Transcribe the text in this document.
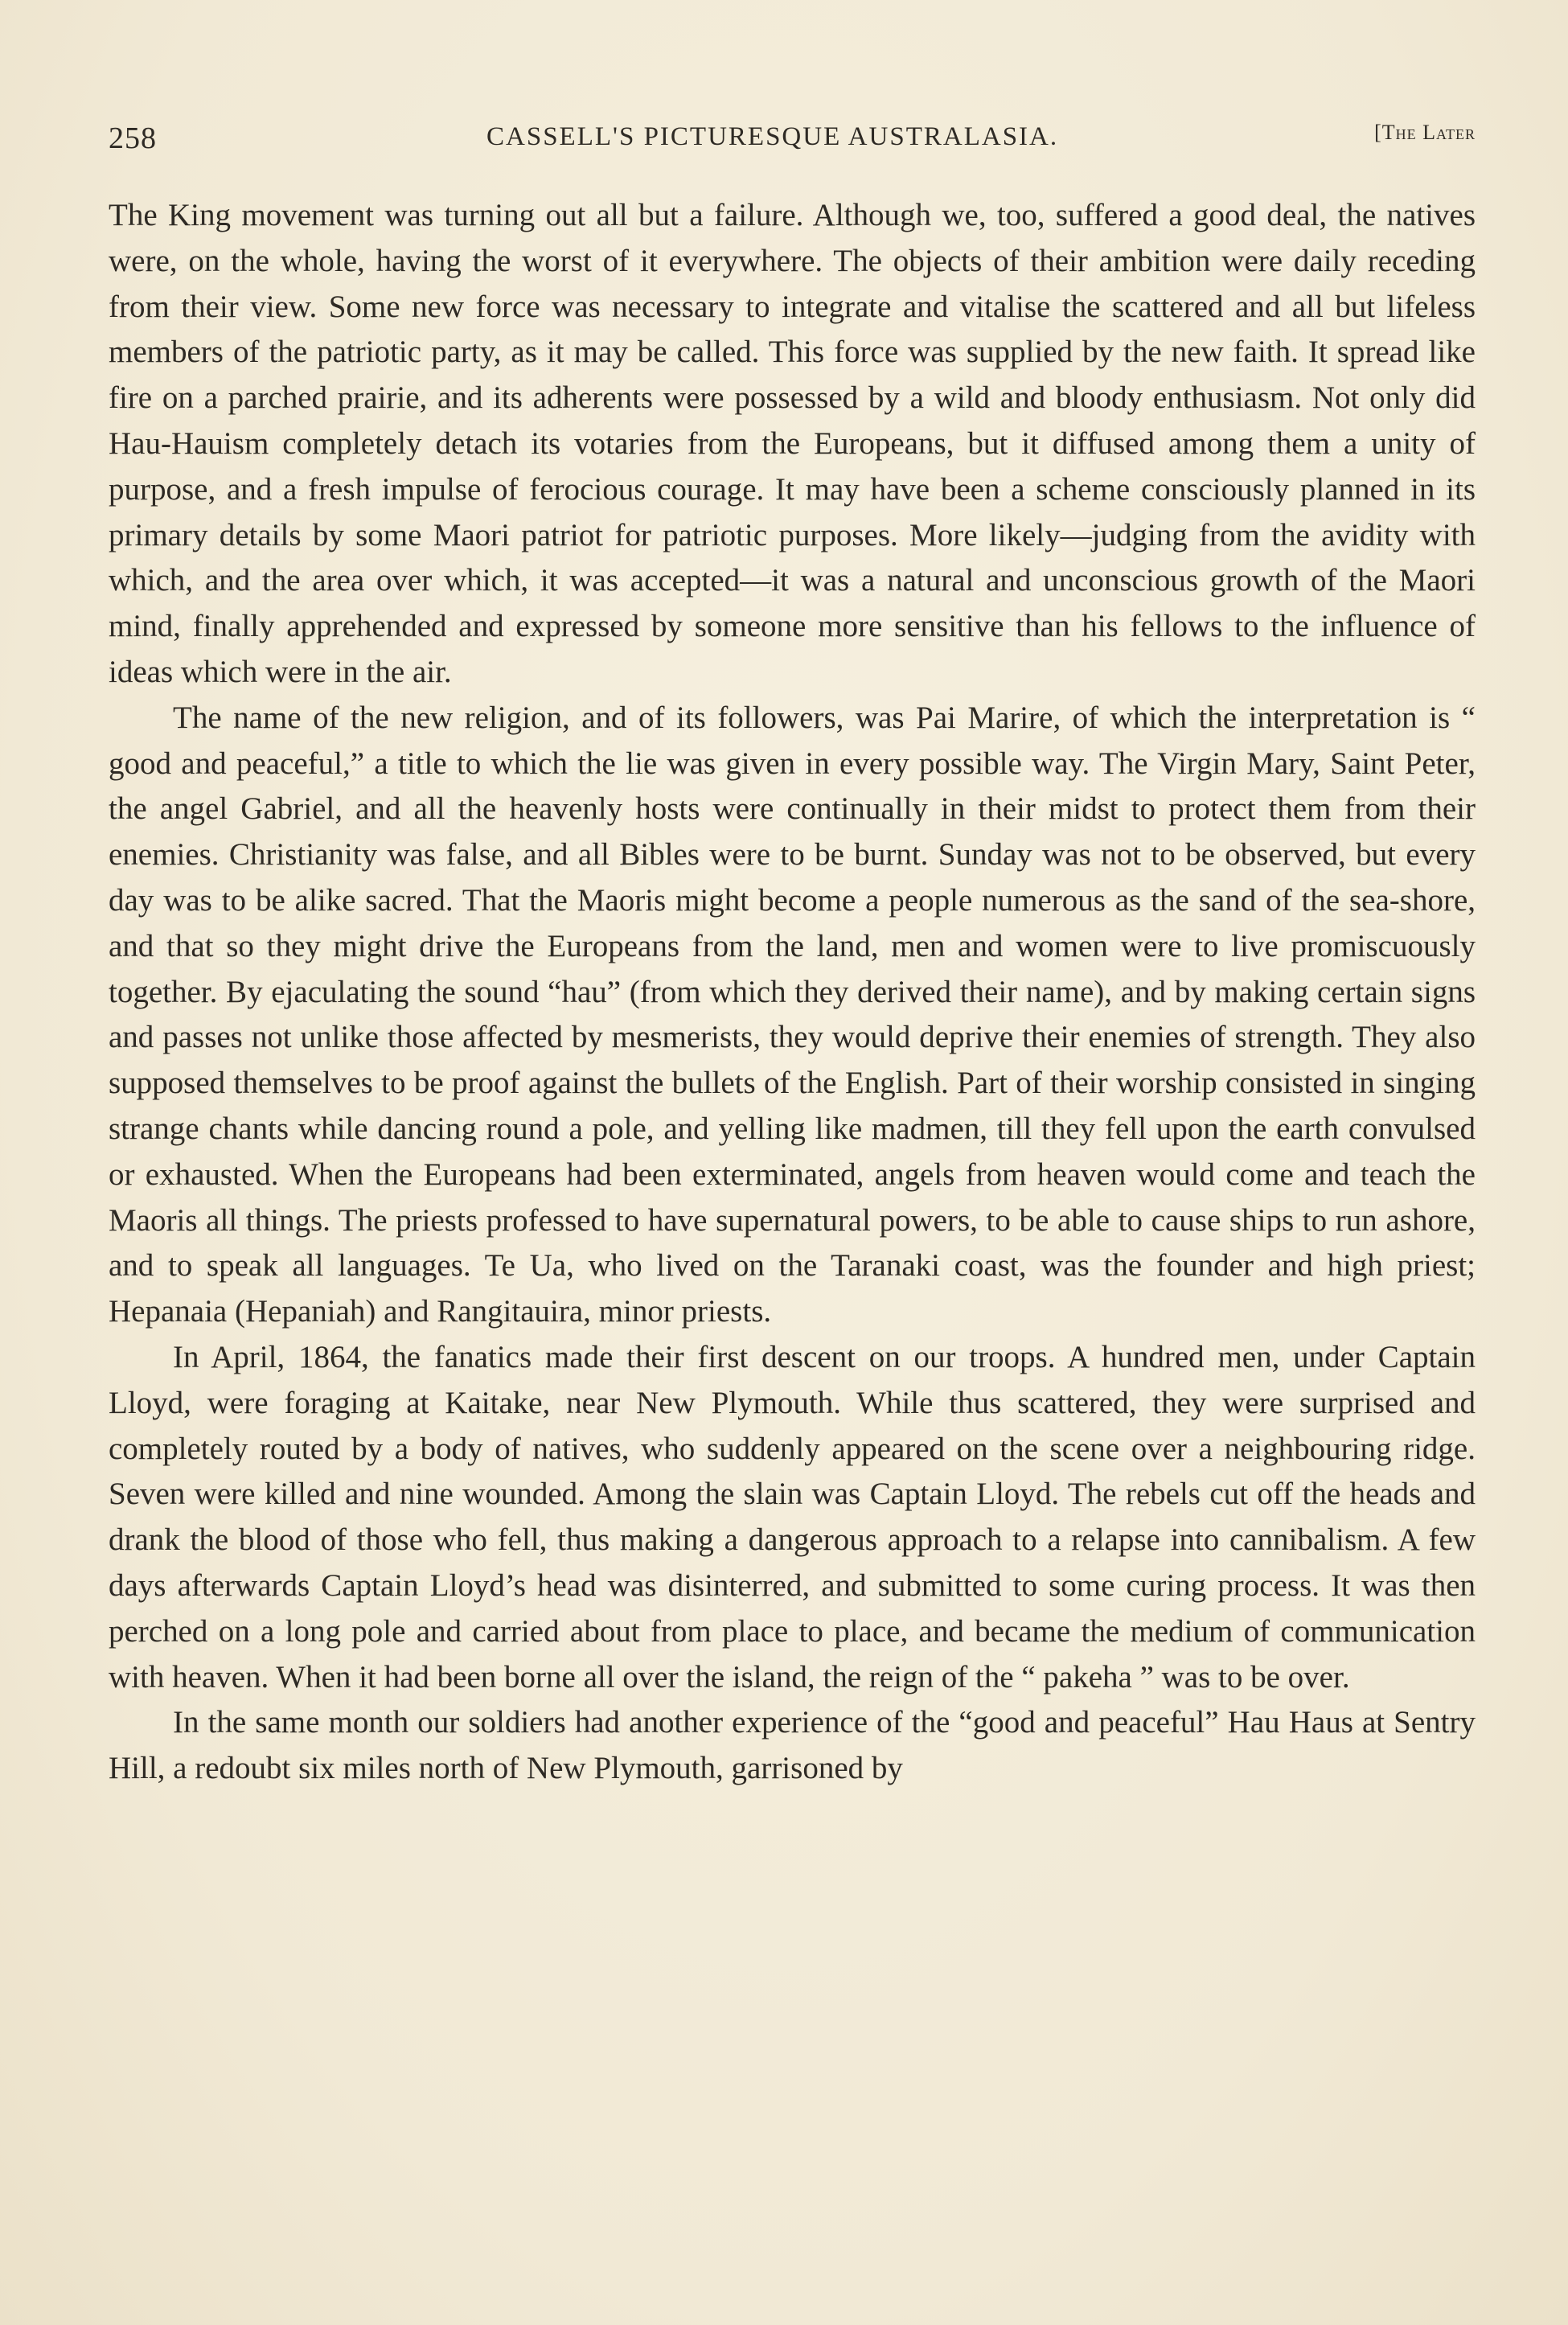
258	CASSELL'S PICTURESQUE AUSTRALASIA.	[The Later

The King movement was turning out all but a failure. Although we, too, suffered a good deal, the natives were, on the whole, having the worst of it everywhere. The objects of their ambition were daily receding from their view. Some new force was necessary to integrate and vitalise the scattered and all but lifeless members of the patriotic party, as it may be called. This force was supplied by the new faith. It spread like fire on a parched prairie, and its adherents were possessed by a wild and bloody enthusiasm. Not only did Hau-Hauism completely detach its votaries from the Europeans, but it diffused among them a unity of purpose, and a fresh impulse of ferocious courage. It may have been a scheme consciously planned in its primary details by some Maori patriot for patriotic purposes. More likely—judging from the avidity with which, and the area over which, it was accepted—it was a natural and unconscious growth of the Maori mind, finally apprehended and expressed by someone more sensitive than his fellows to the influence of ideas which were in the air.

The name of the new religion, and of its followers, was Pai Marire, of which the interpretation is “ good and peaceful,” a title to which the lie was given in every possible way. The Virgin Mary, Saint Peter, the angel Gabriel, and all the heavenly hosts were continually in their midst to protect them from their enemies. Christianity was false, and all Bibles were to be burnt. Sunday was not to be observed, but every day was to be alike sacred. That the Maoris might become a people numerous as the sand of the sea-shore, and that so they might drive the Europeans from the land, men and women were to live promiscuously together. By ejaculating the sound “hau” (from which they derived their name), and by making certain signs and passes not unlike those affected by mesmerists, they would deprive their enemies of strength. They also supposed themselves to be proof against the bullets of the English. Part of their worship consisted in singing strange chants while dancing round a pole, and yelling like madmen, till they fell upon the earth convulsed or exhausted. When the Europeans had been exterminated, angels from heaven would come and teach the Maoris all things. The priests professed to have supernatural powers, to be able to cause ships to run ashore, and to speak all languages. Te Ua, who lived on the Taranaki coast, was the founder and high priest; Hepanaia (Hepaniah) and Rangitauira, minor priests.

In April, 1864, the fanatics made their first descent on our troops. A hundred men, under Captain Lloyd, were foraging at Kaitake, near New Plymouth. While thus scattered, they were surprised and completely routed by a body of natives, who suddenly appeared on the scene over a neighbouring ridge. Seven were killed and nine wounded. Among the slain was Captain Lloyd. The rebels cut off the heads and drank the blood of those who fell, thus making a dangerous approach to a relapse into cannibalism. A few days afterwards Captain Lloyd’s head was disinterred, and submitted to some curing process. It was then perched on a long pole and carried about from place to place, and became the medium of communication with heaven. When it had been borne all over the island, the reign of the “ pakeha ” was to be over.

In the same month our soldiers had another experience of the “good and peaceful” Hau Haus at Sentry Hill, a redoubt six miles north of New Plymouth, garrisoned by
